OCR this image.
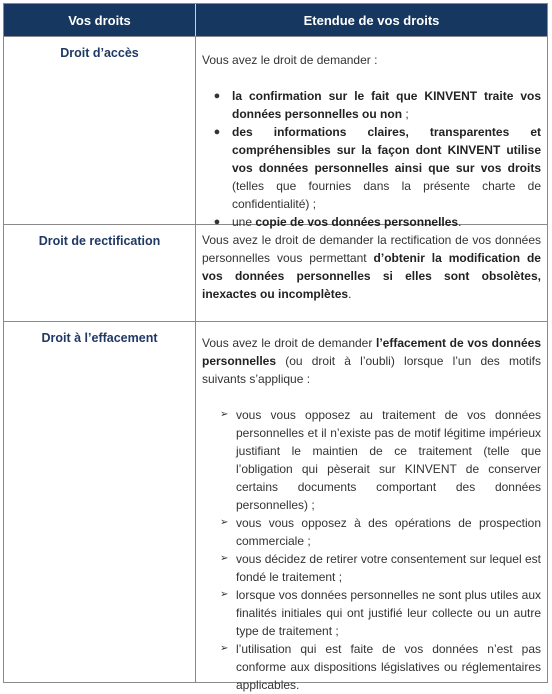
Vos droits	Etendue de vos droits
Droit d’accès	Vous avez le droit de demander :
● la confirmation sur le fait que KINVENT traite vos données personnelles ou non ;
● des informations claires, transparentes et compréhensibles sur la façon dont KINVENT utilise vos données personnelles ainsi que sur vos droits (telles que fournies dans la présente charte de confidentialité) ;
● une copie de vos données personnelles.
Droit de rectification	Vous avez le droit de demander la rectification de vos données personnelles vous permettant d’obtenir la modification de vos données personnelles si elles sont obsolètes, inexactes ou incomplètes.
Droit à l’effacement	Vous avez le droit de demander l’effacement de vos données personnelles (ou droit à l’oubli) lorsque l’un des motifs suivants s’applique :
➢ vous vous opposez au traitement de vos données personnelles et il n’existe pas de motif légitime impérieux justifiant le maintien de ce traitement (telle que l’obligation qui pèserait sur KINVENT de conserver certains documents comportant des données personnelles) ;
➢ vous vous opposez à des opérations de prospection commerciale ;
➢ vous décidez de retirer votre consentement sur lequel est fondé le traitement ;
➢ lorsque vos données personnelles ne sont plus utiles aux finalités initiales qui ont justifié leur collecte ou un autre type de traitement ;
➢ l’utilisation qui est faite de vos données n’est pas conforme aux dispositions législatives ou réglementaires applicables.
